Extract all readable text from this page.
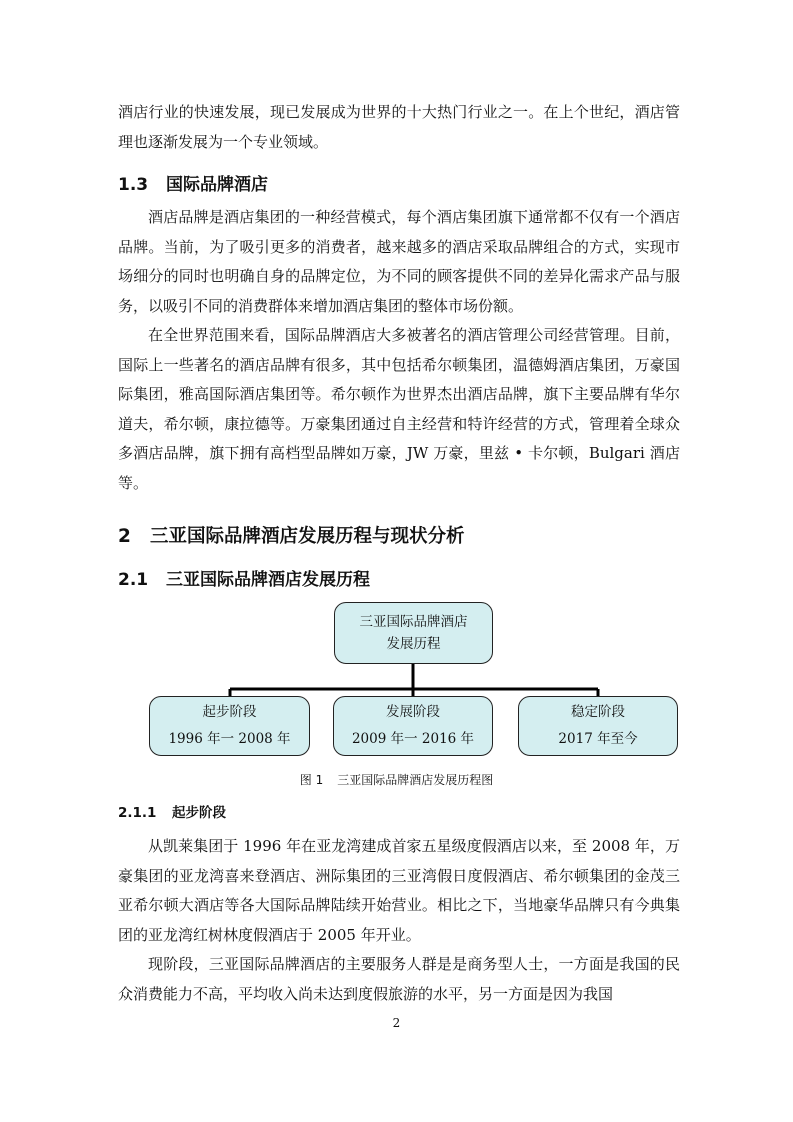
酒店行业的快速发展，现已发展成为世界的十大热门行业之一。在上个世纪，酒店管理也逐渐发展为一个专业领域。

1.3 国际品牌酒店

酒店品牌是酒店集团的一种经营模式，每个酒店集团旗下通常都不仅有一个酒店品牌。当前，为了吸引更多的消费者，越来越多的酒店采取品牌组合的方式，实现市场细分的同时也明确自身的品牌定位，为不同的顾客提供不同的差异化需求产品与服务，以吸引不同的消费群体来增加酒店集团的整体市场份额。

在全世界范围来看，国际品牌酒店大多被著名的酒店管理公司经营管理。目前，国际上一些著名的酒店品牌有很多，其中包括希尔顿集团，温德姆酒店集团，万豪国际集团，雅高国际酒店集团等。希尔顿作为世界杰出酒店品牌，旗下主要品牌有华尔道夫，希尔顿，康拉德等。万豪集团通过自主经营和特许经营的方式，管理着全球众多酒店品牌，旗下拥有高档型品牌如万豪，JW 万豪，里兹 • 卡尔顿，Bulgari 酒店等。

2 三亚国际品牌酒店发展历程与现状分析
2.1 三亚国际品牌酒店发展历程
三亚国际品牌酒店
发展历程
起步阶段
1996 年一 2008 年
发展阶段
2009 年一 2016 年
稳定阶段
2017 年至今

图 1 三亚国际品牌酒店发展历程图

2.1.1 起步阶段

从凯莱集团于 1996 年在亚龙湾建成首家五星级度假酒店以来，至 2008 年，万豪集团的亚龙湾喜来登酒店、洲际集团的三亚湾假日度假酒店、希尔顿集团的金茂三亚希尔顿大酒店等各大国际品牌陆续开始营业。相比之下，当地豪华品牌只有今典集团的亚龙湾红树林度假酒店于 2005 年开业。

现阶段，三亚国际品牌酒店的主要服务人群是是商务型人士，一方面是我国的民众消费能力不高，平均收入尚未达到度假旅游的水平，另一方面是因为我国

2
